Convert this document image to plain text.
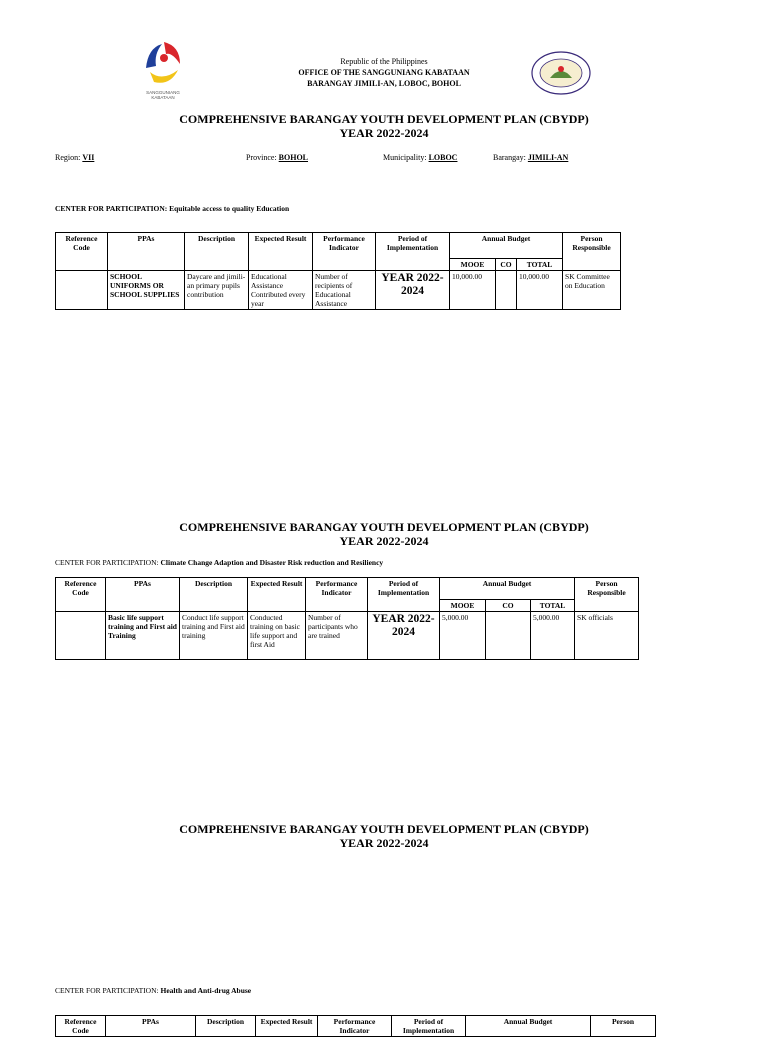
SANGGUNIANG KABATAAN
Republic of the Philippines
OFFICE OF THE SANGGUNIANG KABATAAN
BARANGAY JIMILI-AN, LOBOC, BOHOL
COMPREHENSIVE BARANGAY YOUTH DEVELOPMENT PLAN (CBYDP)
YEAR 2022-2024
Region: VII	Province: BOHOL	Municipality: LOBOC	Barangay: JIMILI-AN
CENTER FOR PARTICIPATION: Equitable access to quality Education
Reference Code	PPAs	Description	Expected Result	Performance Indicator	Period of Implementation	Annual Budget			Person Responsible
						MOOE	CO	TOTAL	
	SCHOOL UNIFORMS OR SCHOOL SUPPLIES	Daycare and jimili-an primary pupils contribution	Educational Assistance Contributed every year	Number of recipients of Educational Assistance	YEAR 2022-2024	10,000.00		10,000.00	SK Committee on Education
COMPREHENSIVE BARANGAY YOUTH DEVELOPMENT PLAN (CBYDP)
YEAR 2022-2024
CENTER FOR PARTICIPATION: Climate Change Adaption and Disaster Risk reduction and Resiliency
Reference Code	PPAs	Description	Expected Result	Performance Indicator	Period of Implementation	Annual Budget			Person Responsible
						MOOE	CO	TOTAL	
	Basic life support training and First aid Training	Conduct life support training and First aid training	Conducted training on basic life support and first Aid	Number of participants who are trained	YEAR 2022-2024	5,000.00		5,000.00	SK officials
COMPREHENSIVE BARANGAY YOUTH DEVELOPMENT PLAN (CBYDP)
YEAR 2022-2024
CENTER FOR PARTICIPATION: Health and Anti-drug Abuse
Reference Code	PPAs	Description	Expected Result	Performance Indicator	Period of Implementation	Annual Budget	Person
